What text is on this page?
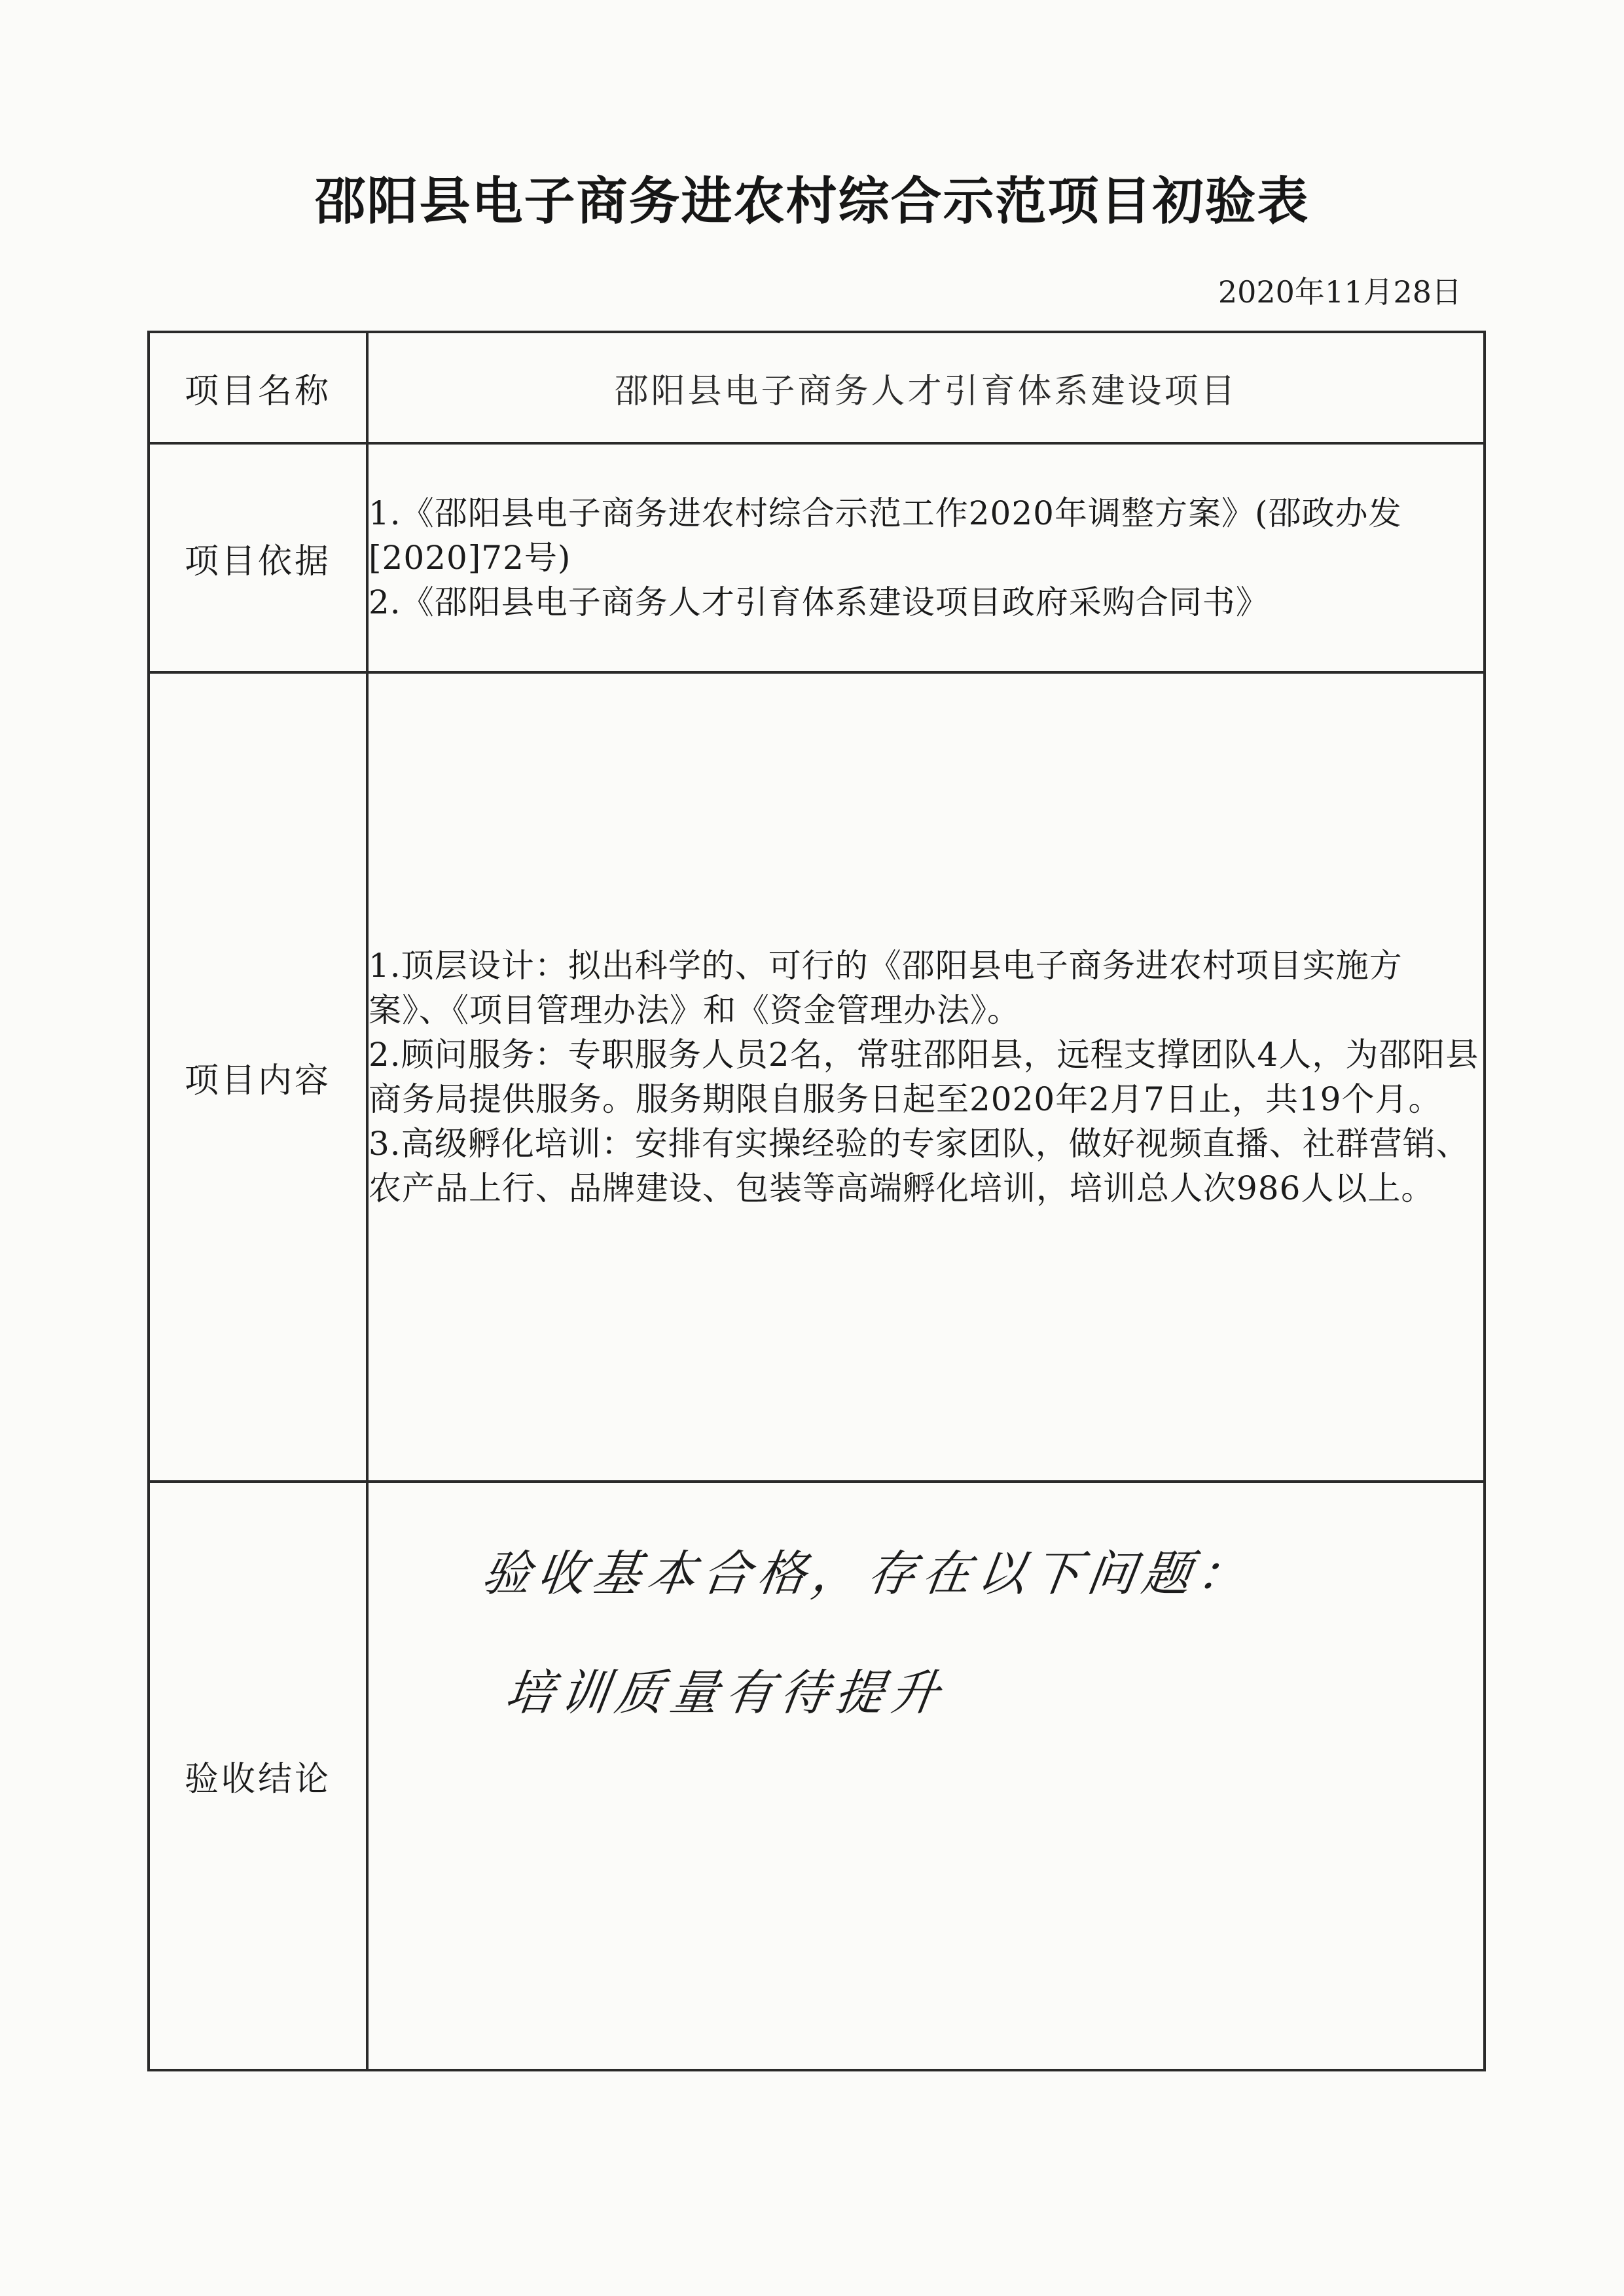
邵阳县电子商务进农村综合示范项目初验表
2020年11月28日
项目名称	邵阳县电子商务人才引育体系建设项目
项目依据	1.《邵阳县电子商务进农村综合示范工作2020年调整方案》(邵政办发[2020]72号)

2.《邵阳县电子商务人才引育体系建设项目政府采购合同书》

项目内容	1.顶层设计：拟出科学的、可行的《邵阳县电子商务进农村项目实施方案》、《项目管理办法》和《资金管理办法》。

2.顾问服务：专职服务人员2名，常驻邵阳县，远程支撑团队4人，为邵阳县商务局提供服务。服务期限自服务日起至2020年2月7日止，共19个月。

3.高级孵化培训：安排有实操经验的专家团队，做好视频直播、社群营销、农产品上行、品牌建设、包装等高端孵化培训，培训总人次986人以上。

验收结论	验收基本合格，存在以下问题：
培训质量有待提升
